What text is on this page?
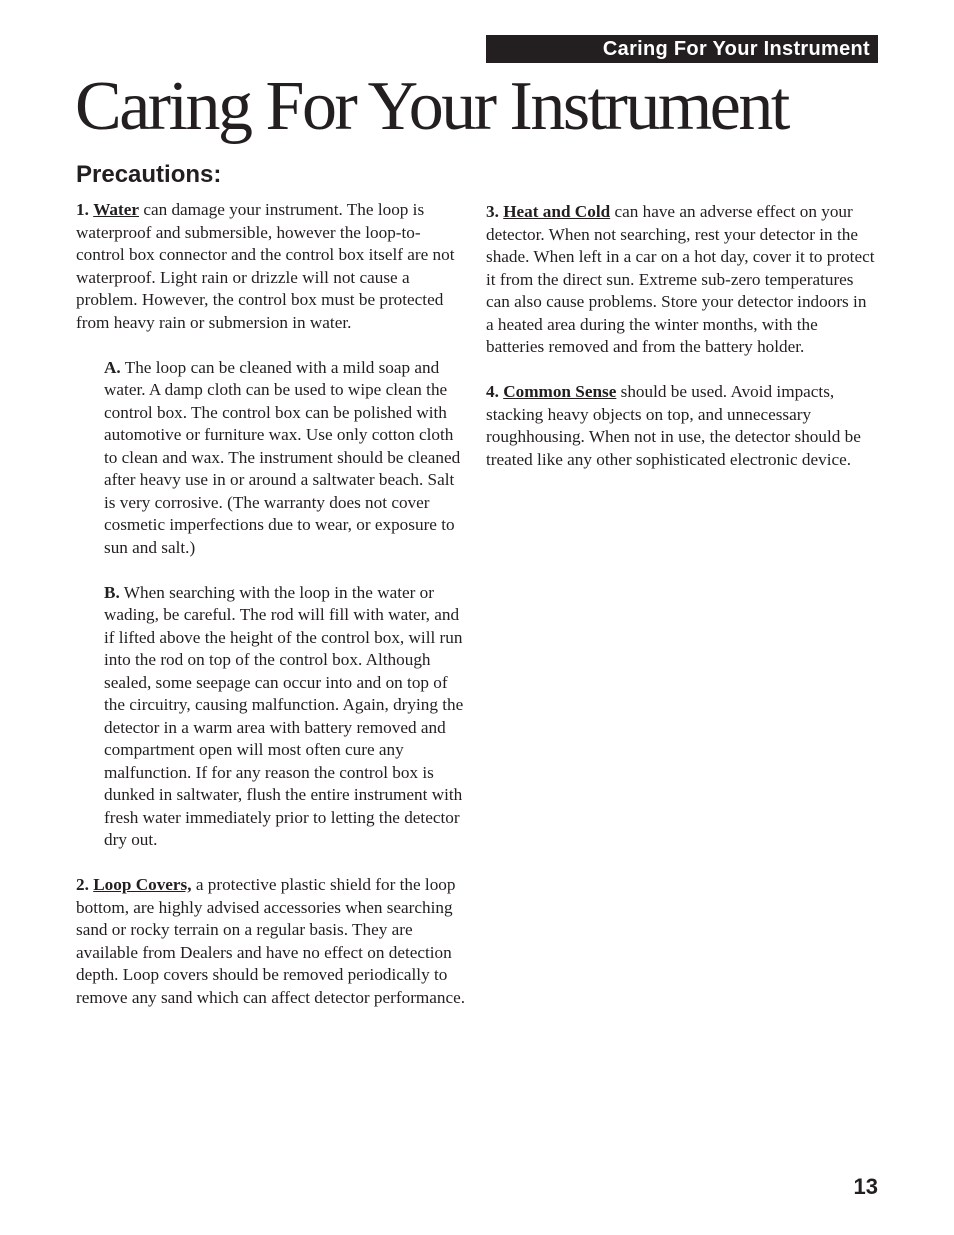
Caring For Your Instrument
Caring For Your Instrument
Precautions:

1. Water can damage your instrument. The loop is waterproof and submersible, however the loop-to-control box connector and the control box itself are not waterproof. Light rain or drizzle will not cause a problem. However, the control box must be protected from heavy rain or submersion in water.

A. The loop can be cleaned with a mild soap and water. A damp cloth can be used to wipe clean the control box. The control box can be polished with automotive or furniture wax. Use only cotton cloth to clean and wax. The instrument should be cleaned after heavy use in or around a saltwater beach. Salt is very corrosive. (The warranty does not cover cosmetic imperfections due to wear, or exposure to sun and salt.)

B. When searching with the loop in the water or wading, be careful. The rod will fill with water, and if lifted above the height of the control box, will run into the rod on top of the control box. Although sealed, some seepage can occur into and on top of the circuitry, causing malfunction. Again, drying the detector in a warm area with battery removed and compartment open will most often cure any malfunction. If for any reason the control box is dunked in saltwater, flush the entire instrument with fresh water immediately prior to letting the detector dry out.

2. Loop Covers, a protective plastic shield for the loop bottom, are highly advised accessories when searching sand or rocky terrain on a regular basis. They are available from Dealers and have no effect on detection depth. Loop covers should be removed periodically to remove any sand which can affect detector performance.

3. Heat and Cold can have an adverse effect on your detector. When not searching, rest your detector in the shade. When left in a car on a hot day, cover it to protect it from the direct sun. Extreme sub-zero temperatures can also cause problems. Store your detector indoors in a heated area during the winter months, with the batteries removed and from the battery holder.

4. Common Sense should be used. Avoid impacts, stacking heavy objects on top, and unnecessary roughhousing. When not in use, the detector should be treated like any other sophisticated electronic device.

13
